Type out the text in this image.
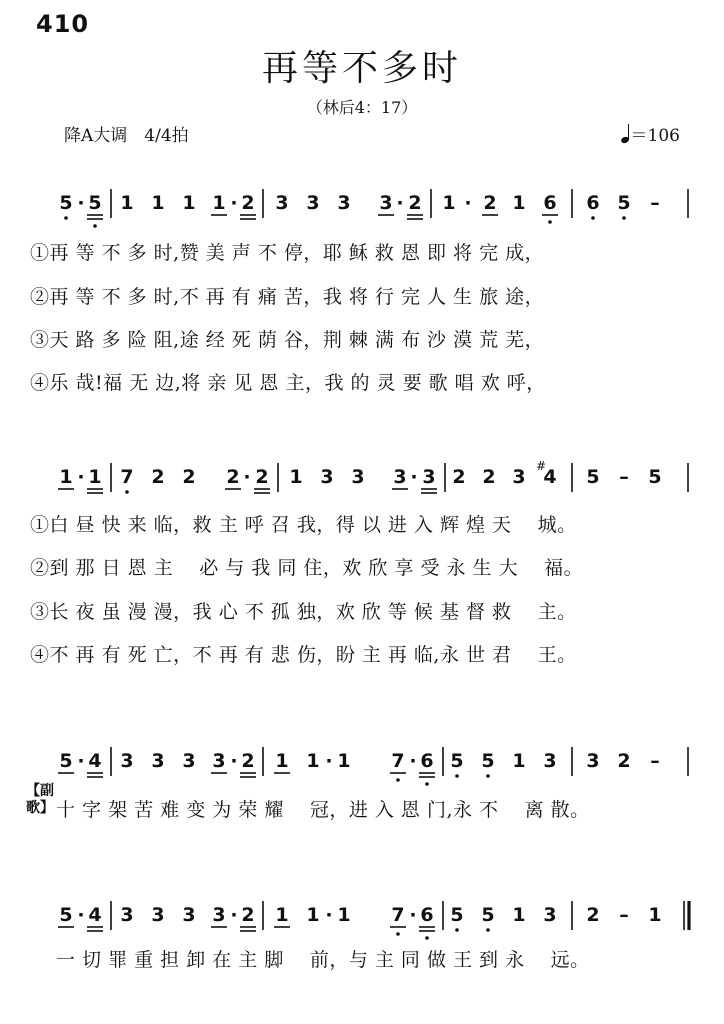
410
再等不多时
（林后4：17）
降A大调　4/4拍	＝106
5 · 5 1 1 1 1 · 2 3 3 3 3 · 2 1 · 2 1 6 6 5 –
①再 等 不 多 时,赞 美 声 不 停，耶 稣 救 恩 即 将 完 成，
②再 等 不 多 时,不 再 有 痛 苦，我 将 行 完 人 生 旅 途，
③天 路 多 险 阻,途 经 死 荫 谷，荆 棘 满 布 沙 漠 荒 芜，
④乐 哉!福 无 边,将 亲 见 恩 主，我 的 灵 要 歌 唱 欢 呼，
1 · 1 7 2 2 2 · 2 1 3 3 3 · 3 2 2 3 4
# 5 – 5
①白 昼 快 来 临，救 主 呼 召 我，得 以 进 入 辉 煌 天 　城。
②到 那 日 恩 主 　必 与 我 同 住，欢 欣 享 受 永 生 大 　福。
③长 夜 虽 漫 漫，我 心 不 孤 独，欢 欣 等 候 基 督 救 　主。
④不 再 有 死 亡，不 再 有 悲 伤，盼 主 再 临,永 世 君 　王。
5 · 4 3 3 3 3 · 2 1 1 · 1 7 · 6 5 5 1 3 3 2 –
【副歌】 十 字 架 苦 难 变 为 荣 耀 　冠，进 入 恩 门,永 不 　离 散。
5 · 4 3 3 3 3 · 2 1 1 · 1 7 · 6 5 5 1 3 2 – 1
一 切 罪 重 担 卸 在 主 脚 　前，与 主 同 做 王 到 永 　远。
